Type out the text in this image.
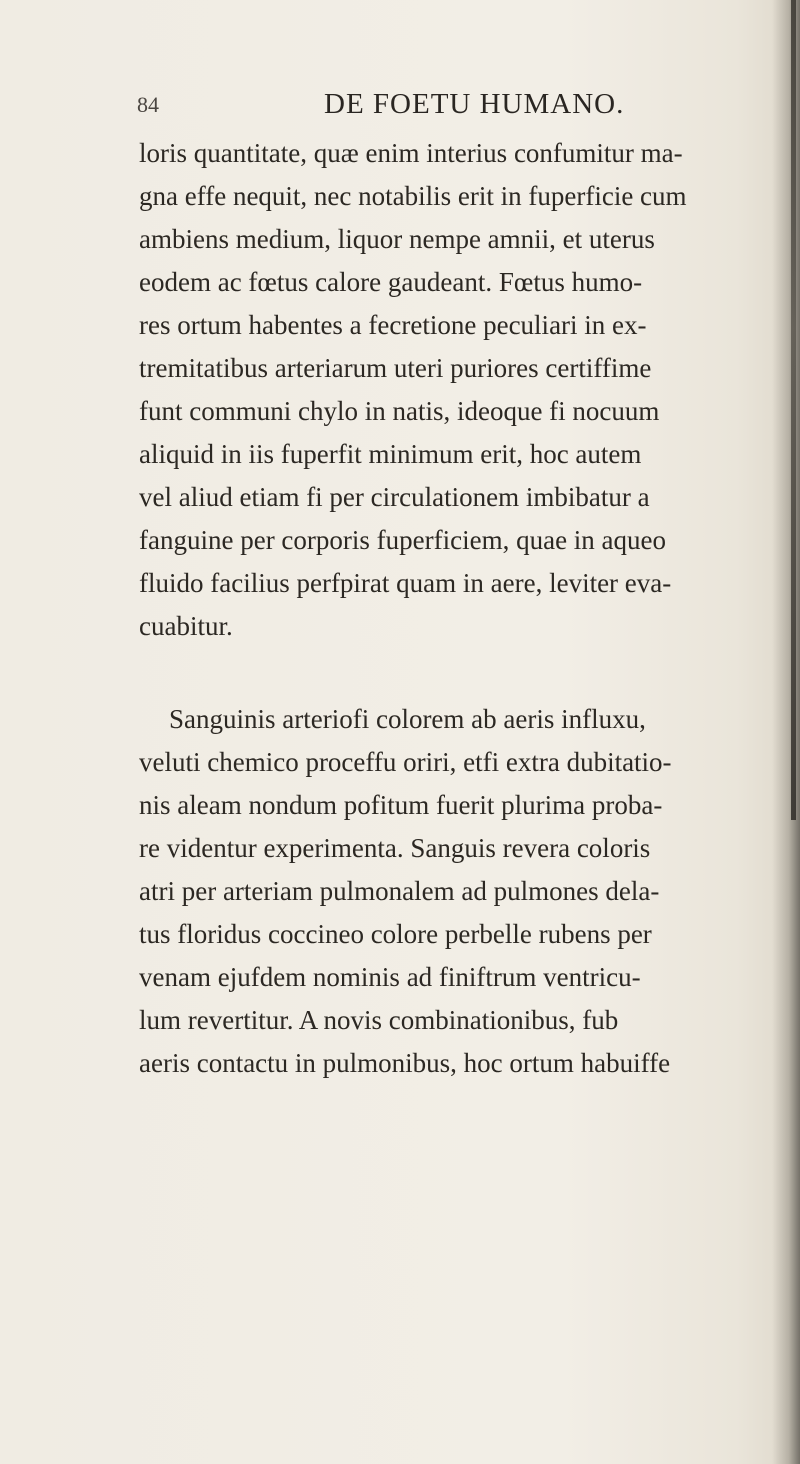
84	DE FOETU HUMANO.
loris quantitate, quæ enim interius confumitur ma-
gna effe nequit, nec notabilis erit in fuperficie cum
ambiens medium, liquor nempe amnii, et uterus
eodem ac fœtus calore gaudeant. Fœtus humo-
res ortum habentes a fecretione peculiari in ex-
tremitatibus arteriarum uteri puriores certiffime
funt communi chylo in natis, ideoque fi nocuum
aliquid in iis fuperfit minimum erit, hoc autem
vel aliud etiam fi per circulationem imbibatur a
fanguine per corporis fuperficiem, quae in aqueo
fluido facilius perfpirat quam in aere, leviter eva-
cuabitur.
Sanguinis arteriofi colorem ab aeris influxu,
veluti chemico proceffu oriri, etfi extra dubitatio-
nis aleam nondum pofitum fuerit plurima proba-
re videntur experimenta. Sanguis revera coloris
atri per arteriam pulmonalem ad pulmones dela-
tus floridus coccineo colore perbelle rubens per
venam ejufdem nominis ad finiftrum ventricu-
lum revertitur. A novis combinationibus, fub
aeris contactu in pulmonibus, hoc ortum habuiffe
